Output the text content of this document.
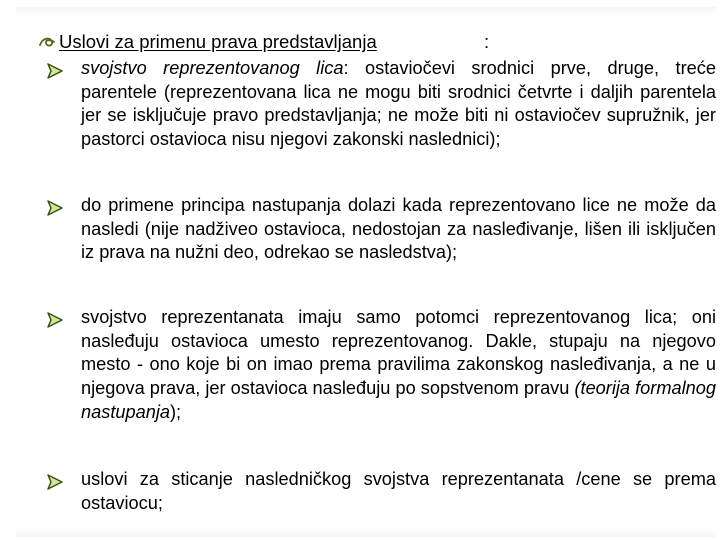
Uslovi za primenu prava predstavljanja	:

svojstvo reprezentovanog lica: ostaviočevi srodnici prve, druge, treće parentele (reprezentovana lica ne mogu biti srodnici četvrte i daljih parentela jer se isključuje pravo predstavljanja; ne može biti ni ostaviočev supružnik, jer pastorci ostavioca nisu njegovi zakonski naslednici);

do primene principa nastupanja dolazi kada reprezentovano lice ne može da nasledi (nije nadživeo ostavioca, nedostojan za nasleđivanje, lišen ili isključen iz prava na nužni deo, odrekao se nasledstva);

svojstvo reprezentanata imaju samo potomci reprezentovanog lica; oni nasleđuju ostavioca umesto reprezentovanog. Dakle, stupaju na njegovo mesto - ono koje bi on imao prema pravilima zakonskog nasleđivanja, a ne u njegova prava, jer ostavioca nasleđuju po sopstvenom pravu (teorija formalnog nastupanja);

uslovi za sticanje nasledničkog svojstva reprezentanata /cene se prema ostaviocu;
